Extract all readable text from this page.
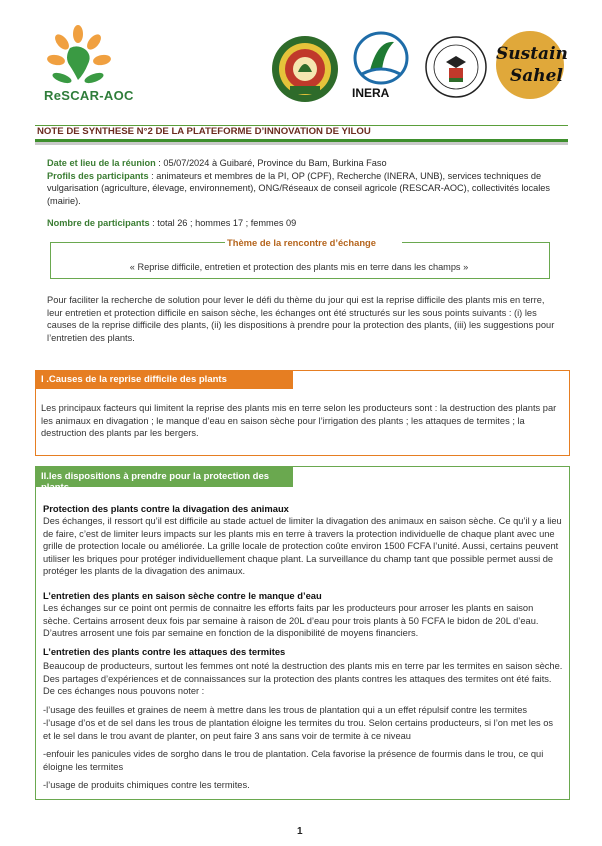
ReSCAR-AOC	INERA
Sustain
Sahel
NOTE DE SYNTHESE N°2 DE LA PLATEFORME D’INNOVATION DE YILOU
Date et lieu de la réunion : 05/07/2024 à Guibaré, Province du Bam, Burkina Faso
Profils des participants : animateurs et membres de la PI, OP (CPF), Recherche (INERA, UNB), services techniques de vulgarisation (agriculture, élevage, environnement), ONG/Réseaux de conseil agricole (RESCAR-AOC), collectivités locales (mairie).
Nombre de participants : total 26 ; hommes 17 ; femmes 09
Thème de la rencontre d’échange
« Reprise difficile, entretien et protection des plants mis en terre dans les champs »
Pour faciliter la recherche de solution pour lever le défi du thème du jour qui est la reprise difficile des plants mis en terre, leur entretien et protection difficile en saison sèche, les échanges ont été structurés sur les sous points suivants : (i) les causes de la reprise difficile des plants, (ii) les dispositions à prendre pour la protection des plants, (iii) les suggestions pour l’entretien des plants.
I .Causes de la reprise difficile des plants
Les principaux facteurs qui limitent la reprise des plants mis en terre selon les producteurs sont : la destruction des plants par les animaux en divagation ; le manque d’eau en saison sèche pour l’irrigation des plants ; les attaques de termites ; la destruction des plants par les bergers.
II.les dispositions à prendre pour la protection des plants
Protection des plants contre la divagation des animaux
Des échanges, il ressort qu’il est difficile au stade actuel de limiter la divagation des animaux en saison sèche. Ce qu’il y a lieu de faire, c’est de limiter leurs impacts sur les plants mis en terre à travers la protection individuelle de chaque plant avec une grille de protection locale ou améliorée. La grille locale de protection coûte environ 1500 FCFA l’unité. Aussi, certains peuvent utiliser les briques pour protéger individuellement chaque plant. La surveillance du champ tant que possible permet aussi de protéger les plants de la divagation des animaux.
L’entretien des plants en saison sèche contre le manque d’eau
Les échanges sur ce point ont permis de connaitre les efforts faits par les producteurs pour arroser les plants en saison sèche. Certains arrosent deux fois par semaine à raison de 20L d’eau pour trois plants à 50 FCFA le bidon de 20L d’eau. D’autres arrosent une fois par semaine en fonction de la disponibilité de moyens financiers.
L’entretien des plants contre les attaques des termites
Beaucoup de producteurs, surtout les femmes ont noté la destruction des plants mis en terre par les termites en saison sèche. Des partages d’expériences et de connaissances sur la protection des plants contres les attaques des termites ont été faits. De ces échanges nous pouvons noter :
-l’usage des feuilles et graines de neem à mettre dans les trous de plantation qui a un effet répulsif contre les termites
-l’usage d’os et de sel dans les trous de plantation éloigne les termites du trou. Selon certains producteurs, si l’on met les os et le sel dans le trou avant de planter, on peut faire 3 ans sans voir de termite à ce niveau
-enfouir les panicules vides de sorgho dans le trou de plantation. Cela favorise la présence de fourmis dans le trou, ce qui éloigne les termites
-l’usage de produits chimiques contre les termites.
1
